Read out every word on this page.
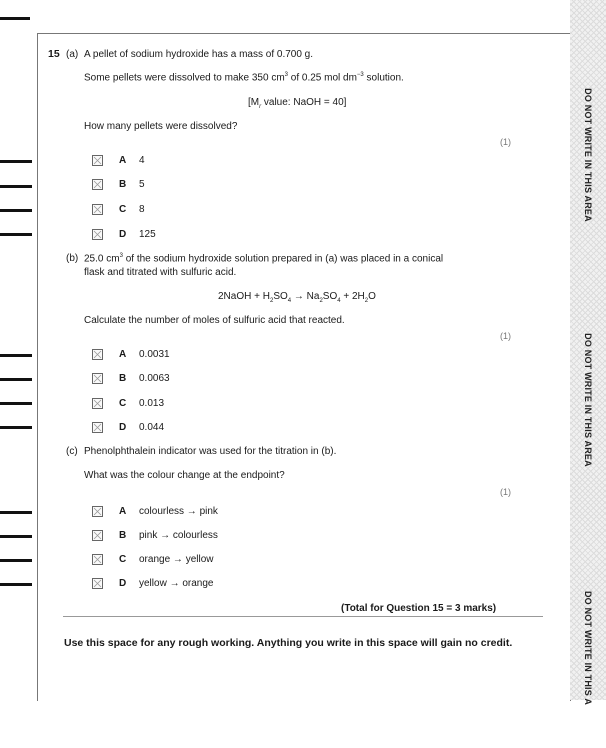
DO NOT WRITE IN THIS AREA
DO NOT WRITE IN THIS AREA
DO NOT WRITE IN THIS A
15 (a) A pellet of sodium hydroxide has a mass of 0.700 g.
Some pellets were dissolved to make 350 $cm^3$ of 0.25 mol $dm^{-3}$ solution.
[$M_r$ value: NaOH = 40]
How many pellets were dissolved?
(1)
A 4
B 5
C 8
D 125
(b) 25.0 $cm^3$ of the sodium hydroxide solution prepared in (a) was placed in a conical
flask and titrated with sulfuric acid.
2NaOH + $H_2SO_4 \to Na_2SO_4 + 2H_2O$
Calculate the number of moles of sulfuric acid that reacted.
(1)
A 0.0031
B 0.0063
C 0.013
D 0.044
(c) Phenolphthalein indicator was used for the titration in (b).
What was the colour change at the endpoint?
(1)
A colourless → pink
B pink → colourless
C orange → yellow
D yellow → orange
(Total for Question 15 = 3 marks)
Use this space for any rough working. Anything you write in this space will gain no credit.
